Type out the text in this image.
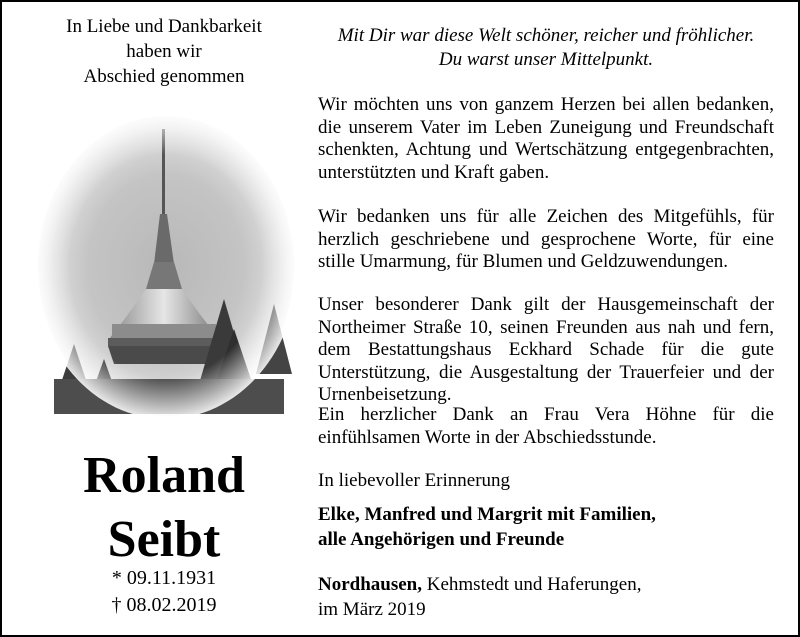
In Liebe und Dankbarkeit
haben wir
Abschied genommen
Roland
Seibt
* 09.11.1931
† 08.02.2019
Mit Dir war diese Welt schöner, reicher und fröhlicher.
Du warst unser Mittelpunkt.
Wir möchten uns von ganzem Herzen bei allen bedanken, die unserem Vater im Leben Zuneigung und Freundschaft schenkten, Achtung und Wertschätzung entgegenbrachten, unterstützten und Kraft gaben.
Wir bedanken uns für alle Zeichen des Mitgefühls, für herzlich geschriebene und gesprochene Worte, für eine stille Umarmung, für Blumen und Geldzuwendungen.
Unser besonderer Dank gilt der Hausgemeinschaft der Northeimer Straße 10, seinen Freunden aus nah und fern, dem Bestattungshaus Eckhard Schade für die gute Unterstützung, die Ausgestaltung der Trauerfeier und der Urnenbeisetzung.
Ein herzlicher Dank an Frau Vera Höhne für die einfühlsamen Worte in der Abschiedsstunde.
In liebevoller Erinnerung
Elke, Manfred und Margrit mit Familien,
alle Angehörigen und Freunde
Nordhausen, Kehmstedt und Haferungen,
im März 2019
